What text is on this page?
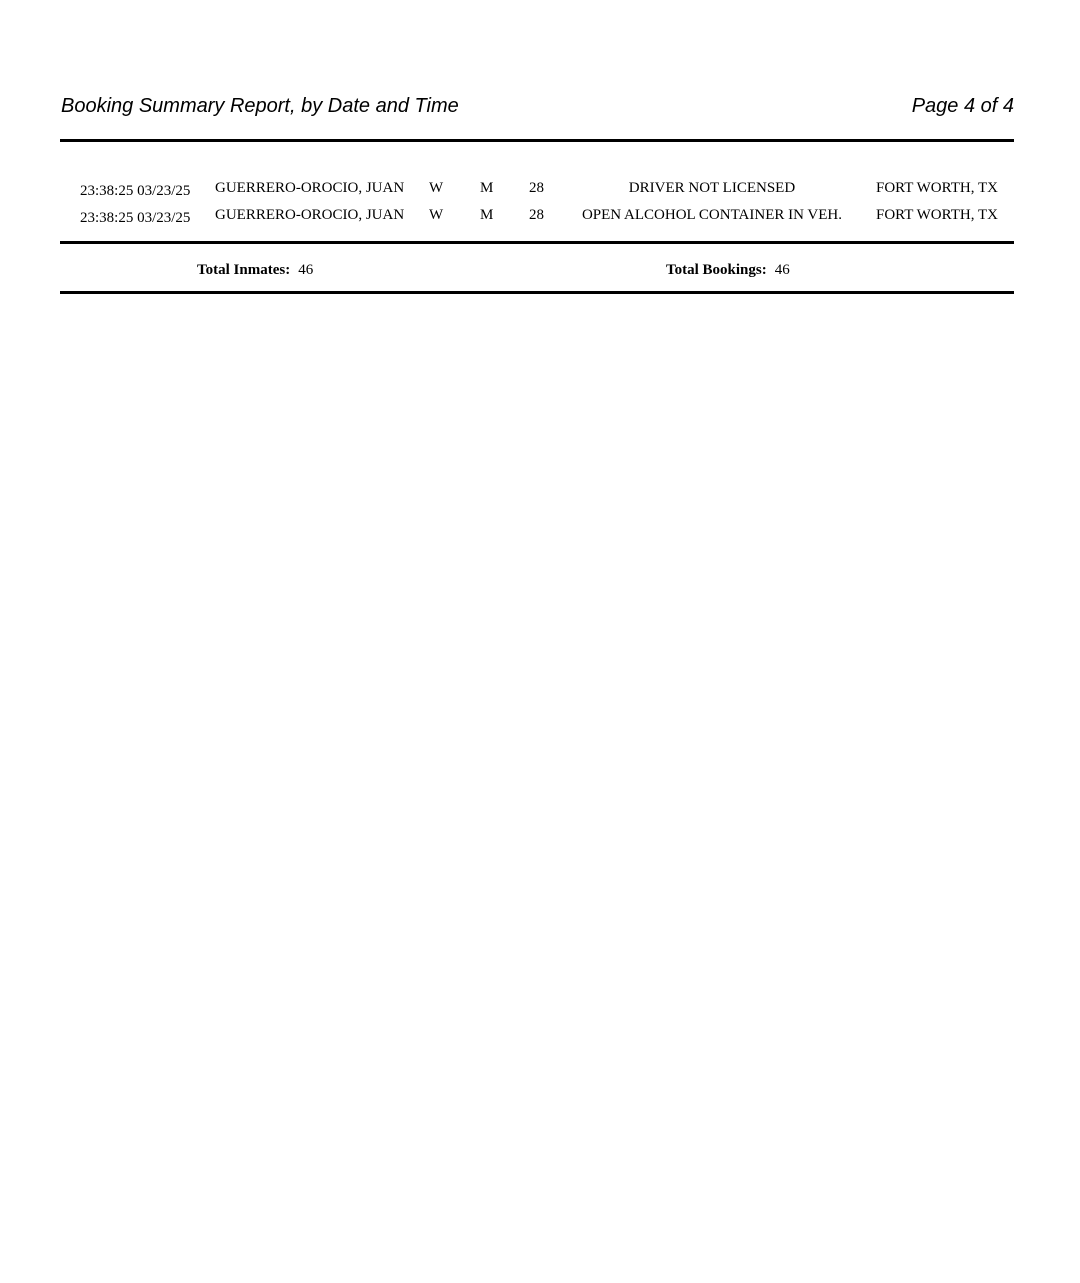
Booking Summary Report, by Date and Time	Page 4 of 4
23:38:25 03/23/25 GUERRERO-OROCIO, JUAN W M 28	DRIVER NOT LICENSED	FORT WORTH, TX
23:38:25 03/23/25 GUERRERO-OROCIO, JUAN W M 28	OPEN ALCOHOL CONTAINER IN VEH.	FORT WORTH, TX
Total Inmates: 46	Total Bookings: 46
